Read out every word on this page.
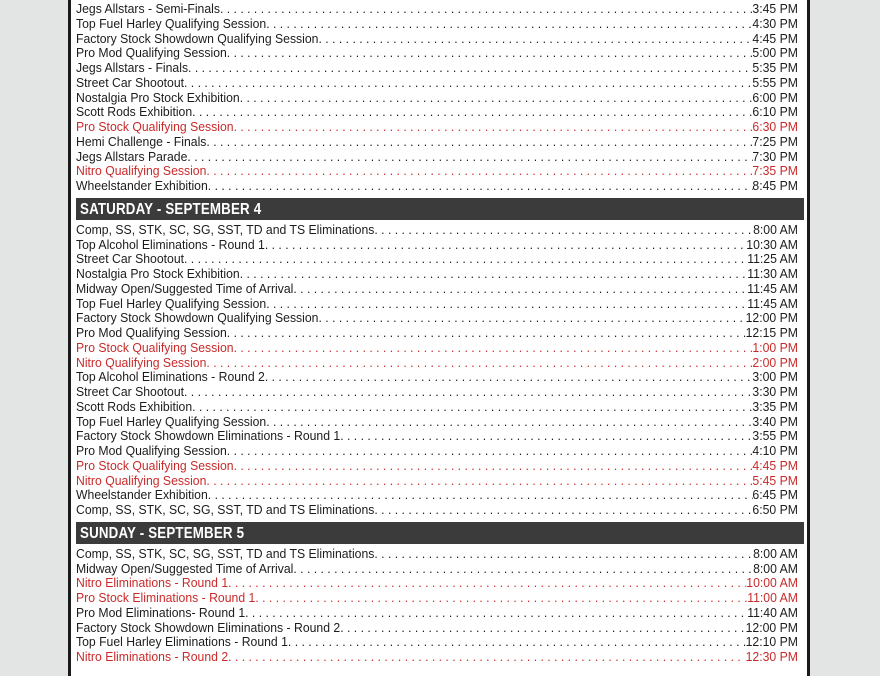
Jegs Allstars - Semi-Finals . . .	3:45 PM
Top Fuel Harley Qualifying Session . . .	4:30 PM
Factory Stock Showdown Qualifying Session . . .	4:45 PM
Pro Mod Qualifying Session . . .	5:00 PM
Jegs Allstars - Finals . . .	5:35 PM
Street Car Shootout . . .	5:55 PM
Nostalgia Pro Stock Exhibition . . .	6:00 PM
Scott Rods Exhibition . . .	6:10 PM
Pro Stock Qualifying Session . . .	6:30 PM
Hemi Challenge - Finals . . .	7:25 PM
Jegs Allstars Parade . . .	7:30 PM
Nitro Qualifying Session . . .	7:35 PM
Wheelstander Exhibition . . .	8:45 PM
SATURDAY - SEPTEMBER 4
Comp, SS, STK, SC, SG, SST, TD and TS Eliminations . . .	8:00 AM
Top Alcohol Eliminations - Round 1 . . .	10:30 AM
Street Car Shootout . . .	11:25 AM
Nostalgia Pro Stock Exhibition . . .	11:30 AM
Midway Open/Suggested Time of Arrival . . .	11:45 AM
Top Fuel Harley Qualifying Session . . .	11:45 AM
Factory Stock Showdown Qualifying Session . . .	12:00 PM
Pro Mod Qualifying Session . . .	12:15 PM
Pro Stock Qualifying Session . . .	1:00 PM
Nitro Qualifying Session . . .	2:00 PM
Top Alcohol Eliminations - Round 2 . . .	3:00 PM
Street Car Shootout . . .	3:30 PM
Scott Rods Exhibition . . .	3:35 PM
Top Fuel Harley Qualifying Session . . .	3:40 PM
Factory Stock Showdown Eliminations - Round 1 . . .	3:55 PM
Pro Mod Qualifying Session . . .	4:10 PM
Pro Stock Qualifying Session . . .	4:45 PM
Nitro Qualifying Session . . .	5:45 PM
Wheelstander Exhibition . . .	6:45 PM
Comp, SS, STK, SC, SG, SST, TD and TS Eliminations . . .	6:50 PM
SUNDAY - SEPTEMBER 5
Comp, SS, STK, SC, SG, SST, TD and TS Eliminations . . .	8:00 AM
Midway Open/Suggested Time of Arrival . . .	8:00 AM
Nitro Eliminations - Round 1 . . .	10:00 AM
Pro Stock Eliminations - Round 1 . . .	11:00 AM
Pro Mod Eliminations- Round 1 . . .	11:40 AM
Factory Stock Showdown Eliminations - Round 2 . . .	12:00 PM
Top Fuel Harley Eliminations - Round 1 . . .	12:10 PM
Nitro Eliminations - Round 2 . . .	12:30 PM
